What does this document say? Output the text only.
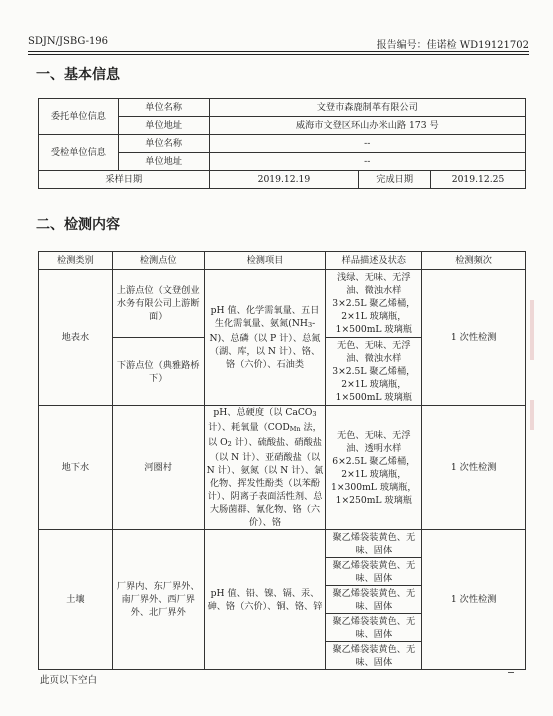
SDJN/JSBG-196	报告编号：佳诺检 WD19121702
一、基本信息
委托单位信息	单位名称	文登市森鹿制革有限公司		
	单位地址	威海市文登区环山办米山路 173 号		
受检单位信息	单位名称	--		
	单位地址	--		
采样日期		2019.12.19	完成日期	2019.12.25
二、检测内容
检测类别	检测点位	检测项目	样品描述及状态	检测频次
地表水	上游点位（文登创业水务有限公司上游断面）	pH 值、化学需氧量、五日生化需氧量、氨氮(NH3-N)、总磷（以 P 计）、总氮（湖、库，以 N 计）、铬、铬（六价）、石油类	浅绿、无味、无浮油、微浊水样 3×2.5L 聚乙烯桶，2×1L 玻璃瓶，1×500mL 玻璃瓶	1 次性检测
	下游点位（典雅路桥下）		无色、无味、无浮油、微浊水样 3×2.5L 聚乙烯桶，2×1L 玻璃瓶，1×500mL 玻璃瓶	
地下水	河圈村	pH、总硬度（以 CaCO3 计）、耗氧量（CODMn 法，以 O2 计）、硫酸盐、硝酸盐（以 N 计）、亚硝酸盐（以 N 计）、氨氮（以 N 计）、氯化物、挥发性酚类（以苯酚计）、阴离子表面活性剂、总大肠菌群、氰化物、铬（六价）、铬	无色、无味、无浮油、透明水样 6×2.5L 聚乙烯桶，2×1L 玻璃瓶，1×300mL 玻璃瓶，1×250mL 玻璃瓶	1 次性检测
土壤	厂界内、东厂界外、南厂界外、西厂界外、北厂界外	pH 值、铅、镍、镉、汞、砷、铬（六价）、铜、铬、锌	聚乙烯袋装黄色、无味、固体	1 次性检测
			聚乙烯袋装黄色、无味、固体	
			聚乙烯袋装黄色、无味、固体	
			聚乙烯袋装黄色、无味、固体	
			聚乙烯袋装黄色、无味、固体	
此页以下空白
